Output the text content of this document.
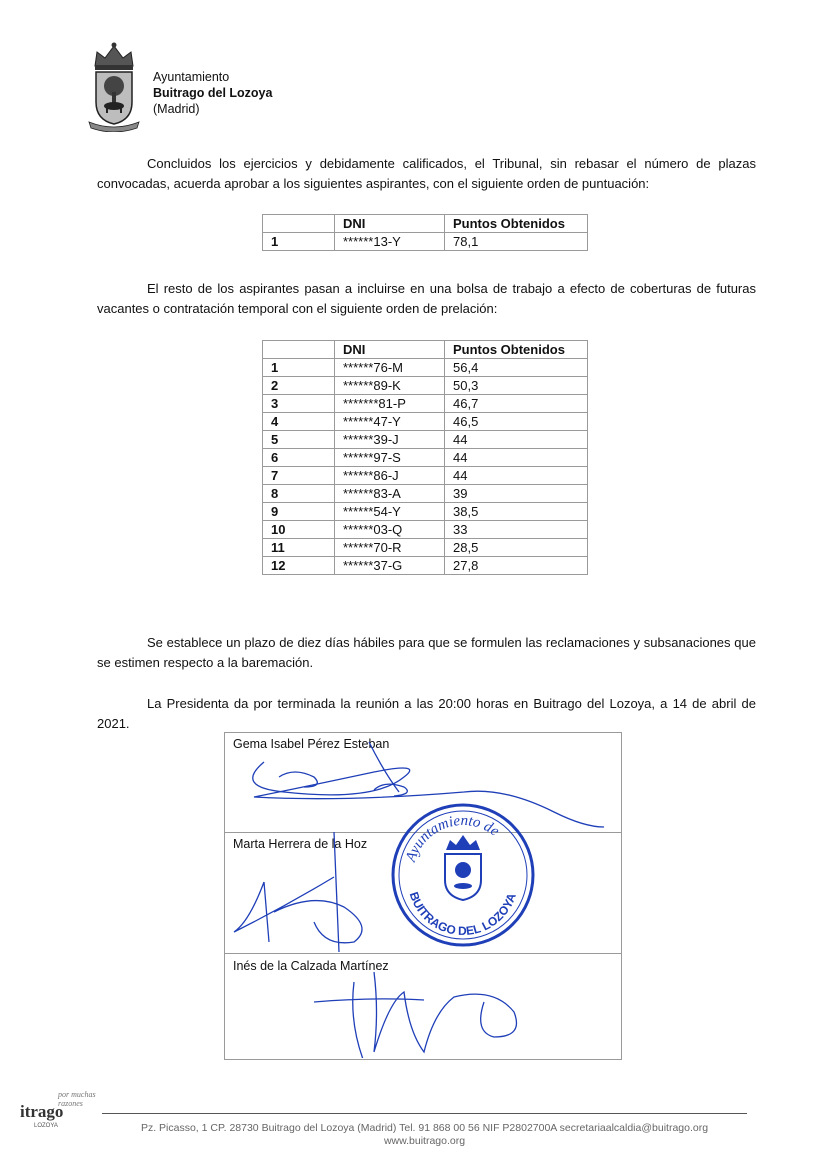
Ayuntamiento
Buitrago del Lozoya
(Madrid)
Concluidos los ejercicios y debidamente calificados, el Tribunal, sin rebasar el número de plazas convocadas, acuerda aprobar a los siguientes aspirantes, con el siguiente orden de puntuación:
	DNI	Puntos Obtenidos
1	******13-Y	78,1
El resto de los aspirantes pasan a incluirse en una bolsa de trabajo a efecto de coberturas de futuras vacantes o contratación temporal con el siguiente orden de prelación:
	DNI	Puntos Obtenidos
1	******76-M	56,4
2	******89-K	50,3
3	*******81-P	46,7
4	******47-Y	46,5
5	******39-J	44
6	******97-S	44
7	******86-J	44
8	******83-A	39
9	******54-Y	38,5
10	******03-Q	33
11	******70-R	28,5
12	******37-G	27,8
Se establece un plazo de diez días hábiles para que se formulen las reclamaciones y subsanaciones que se estimen respecto a la baremación.
La Presidenta da por terminada la reunión a las 20:00 horas en Buitrago del Lozoya, a 14 de abril de 2021.
Gema Isabel Pérez Esteban
Marta Herrera de la Hoz
Inés de la Calzada Martínez
Ayuntamiento de
BUITRAGO DEL LOZOYA
por muchas razones
itrago
LOZOYA	Pz. Picasso, 1 CP. 28730 Buitrago del Lozoya (Madrid) Tel. 91 868 00 56 NIF P2802700A secretariaalcaldia@buitrago.org
www.buitrago.org
